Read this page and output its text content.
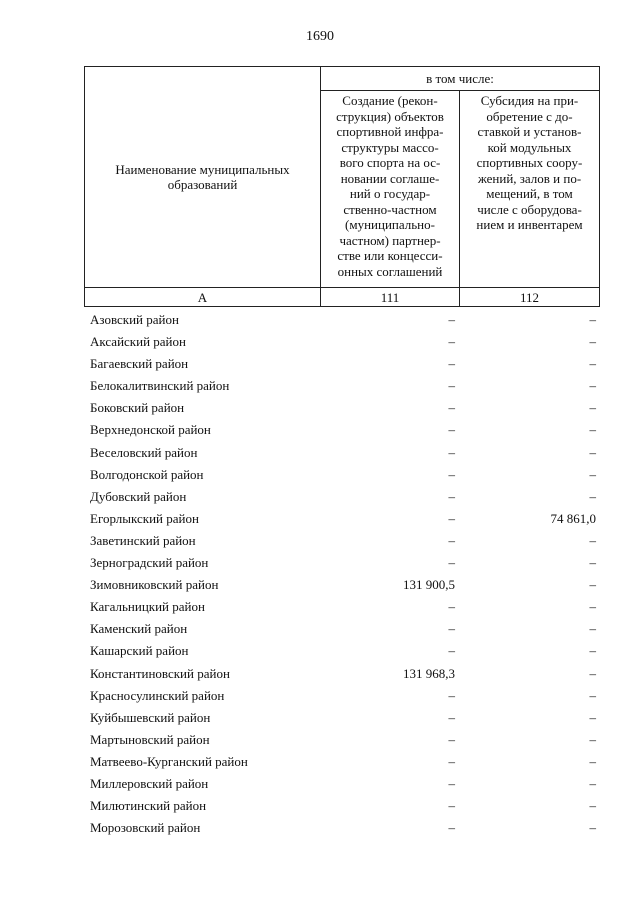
1690
Наименование муниципальных
образований
в том числе:
Создание (рекон-
струкция) объектов
спортивной инфра-
структуры массо-
вого спорта на ос-
новании соглаше-
ний о государ-
ственно-частном
(муниципально-
частном) партнер-
стве или концесси-
онных соглашений
Субсидия на при-
обретение с до-
ставкой и установ-
кой модульных
спортивных соору-
жений, залов и по-
мещений, в том
числе с оборудова-
нием и инвентарем
А	111	112
Азовский район	–	–
Аксайский район	–	–
Багаевский район	–	–
Белокалитвинский район	–	–
Боковский район	–	–
Верхнедонской район	–	–
Веселовский район	–	–
Волгодонской район	–	–
Дубовский район	–	–
Егорлыкский район	–	74 861,0
Заветинский район	–	–
Зерноградский район	–	–
Зимовниковский район	131 900,5	–
Кагальницкий район	–	–
Каменский район	–	–
Кашарский район	–	–
Константиновский район	131 968,3	–
Красносулинский район	–	–
Куйбышевский район	–	–
Мартыновский район	–	–
Матвеево-Курганский район	–	–
Миллеровский район	–	–
Милютинский район	–	–
Морозовский район	–	–
